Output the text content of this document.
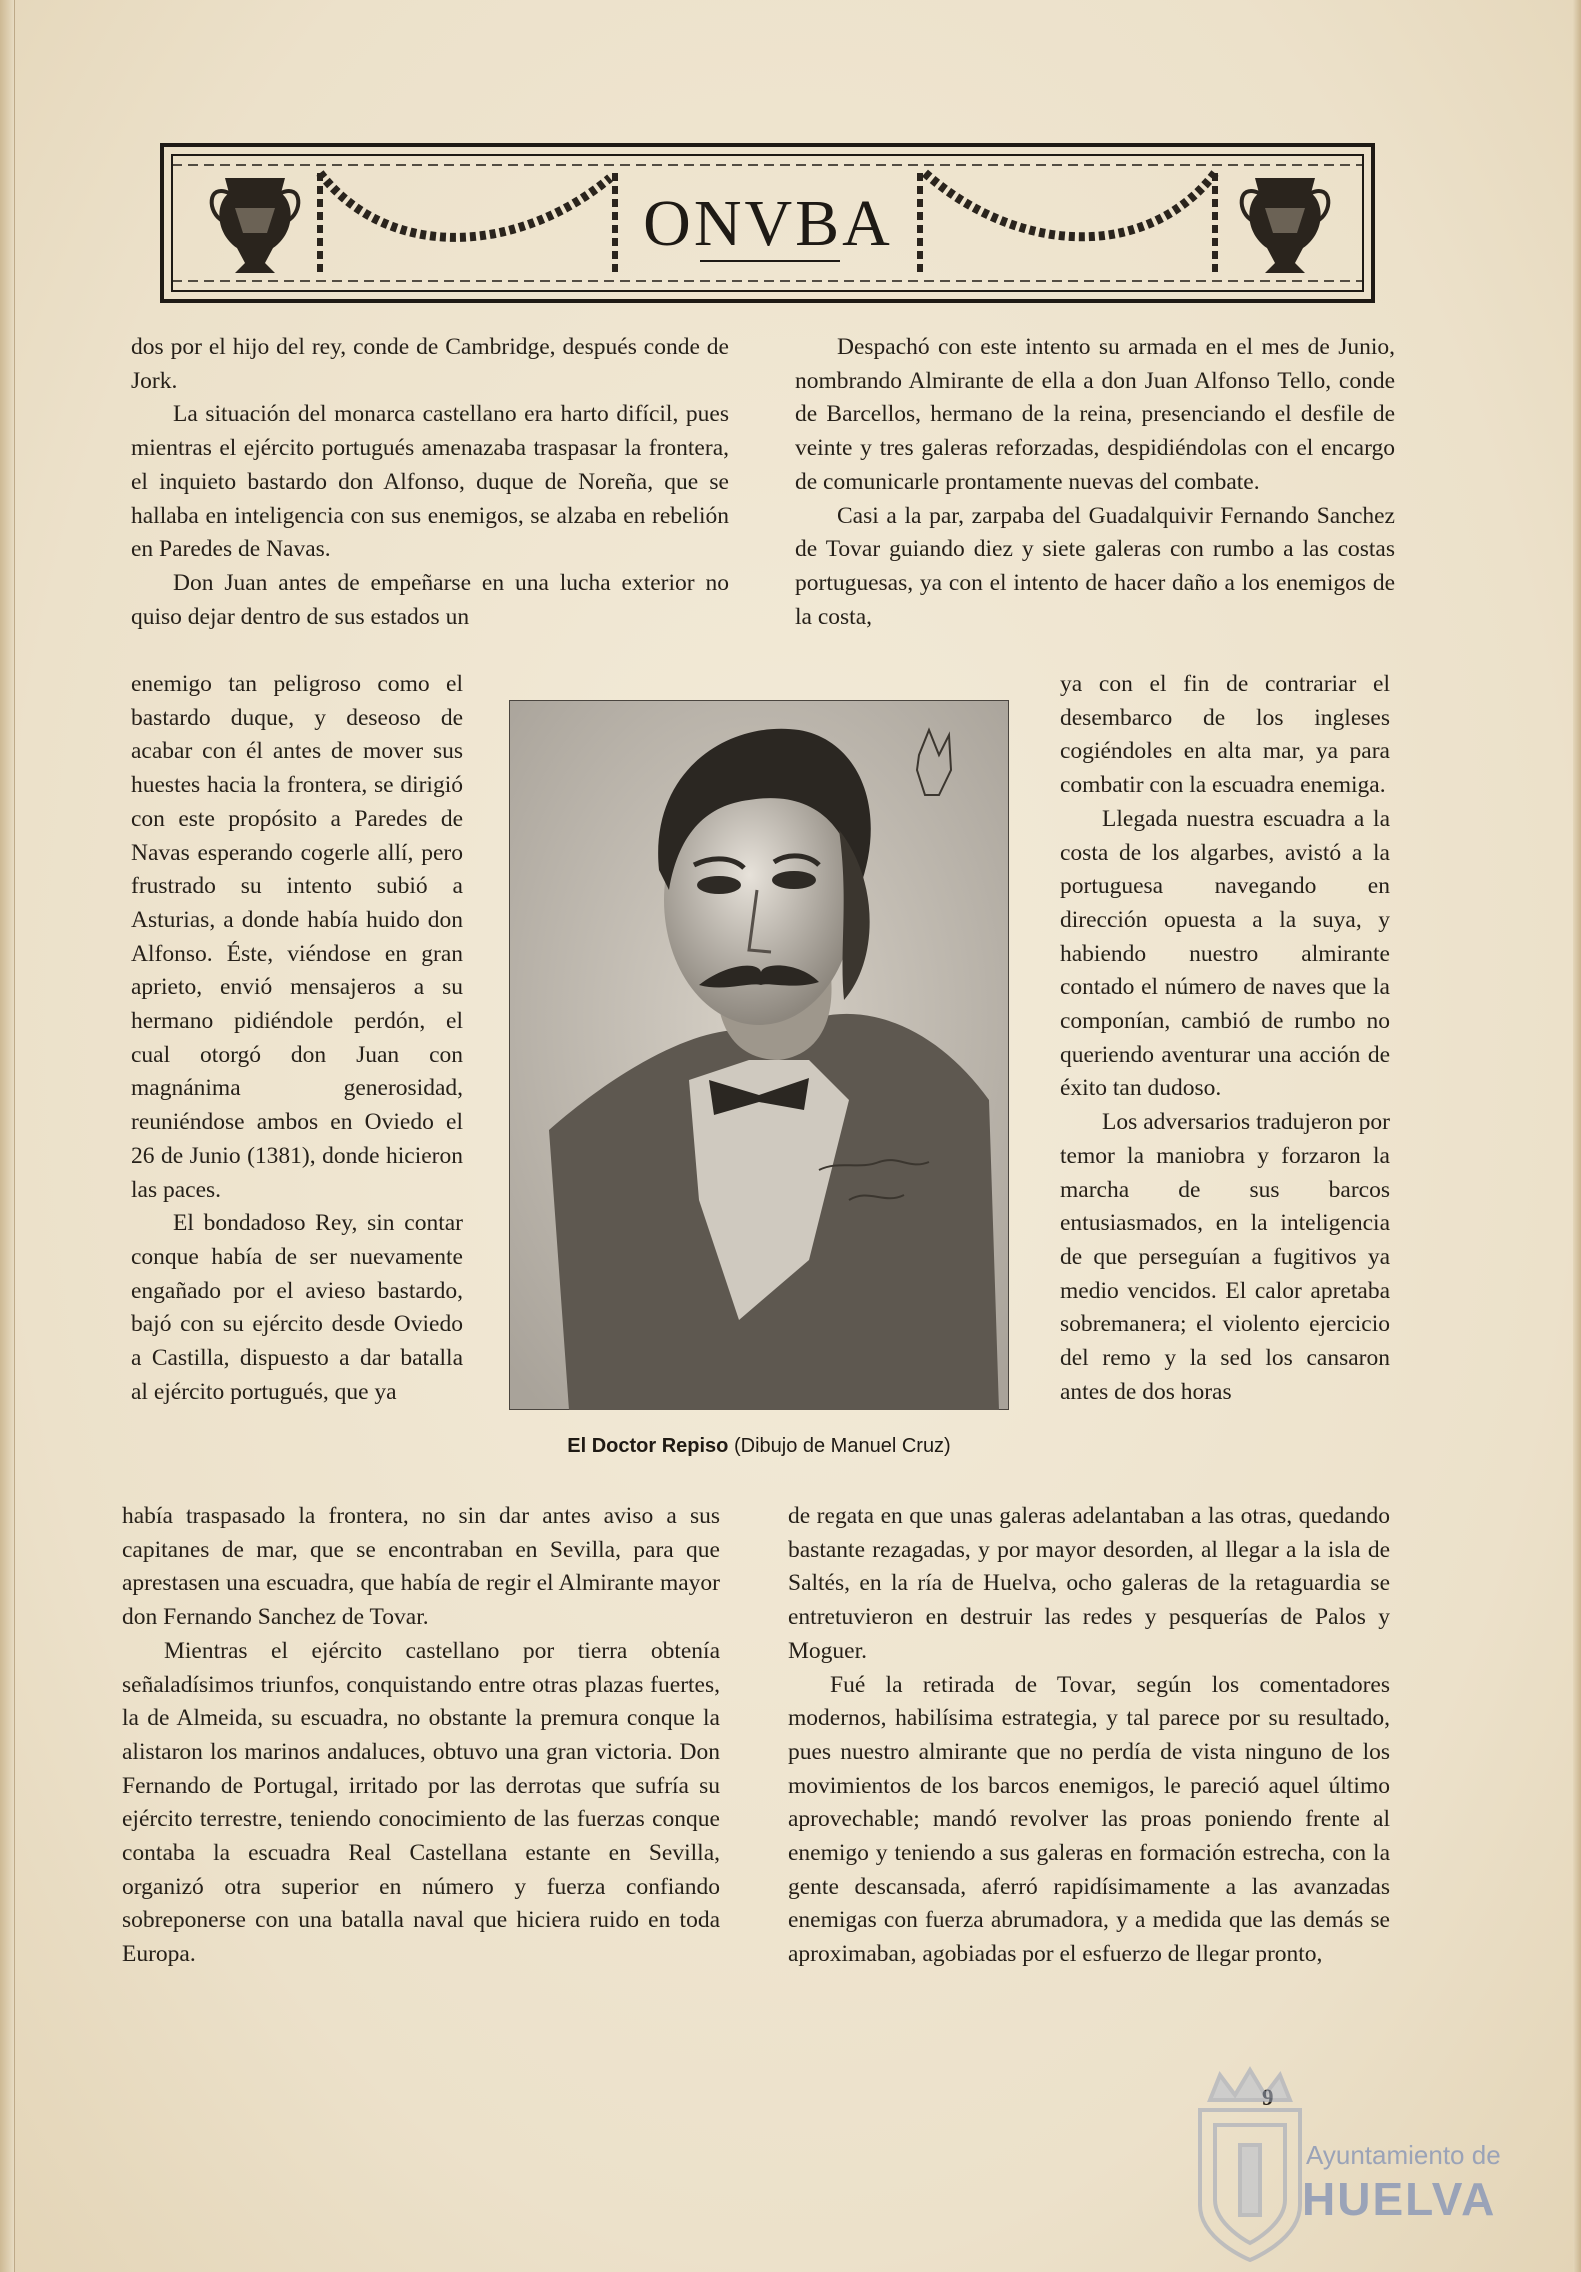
ONVBA

dos por el hijo del rey, conde de Cambridge, después conde de Jork.

La situación del monarca castellano era harto difícil, pues mientras el ejército portugués amenazaba traspasar la frontera, el inquieto bastardo don Alfonso, duque de Noreña, que se hallaba en inteligencia con sus enemigos, se alzaba en rebelión en Paredes de Navas.

Don Juan antes de empeñarse en una lucha exterior no quiso dejar dentro de sus estados un

enemigo tan peligroso como el bastardo duque, y deseoso de acabar con él antes de mover sus huestes hacia la frontera, se dirigió con este propósito a Paredes de Navas esperando cogerle allí, pero frustrado su intento subió a Asturias, a donde había huido don Alfonso. Éste, viéndose en gran aprieto, envió mensajeros a su hermano pidiéndole perdón, el cual otorgó don Juan con magnánima generosidad, reuniéndose ambos en Oviedo el 26 de Junio (1381), donde hicieron las paces.

El bondadoso Rey, sin contar conque había de ser nuevamente engañado por el avieso bastardo, bajó con su ejército desde Oviedo a Castilla, dispuesto a dar batalla al ejército portugués, que ya

había traspasado la frontera, no sin dar antes aviso a sus capitanes de mar, que se encontraban en Sevilla, para que aprestasen una escuadra, que había de regir el Almirante mayor don Fernando Sanchez de Tovar.

Mientras el ejército castellano por tierra obtenía señaladísimos triunfos, conquistando entre otras plazas fuertes, la de Almeida, su escuadra, no obstante la premura conque la alistaron los marinos andaluces, obtuvo una gran victoria. Don Fernando de Portugal, irritado por las derrotas que sufría su ejército terrestre, teniendo conocimiento de las fuerzas conque contaba la escuadra Real Castellana estante en Sevilla, organizó otra superior en número y fuerza confiando sobreponerse con una batalla naval que hiciera ruido en toda Europa.

Despachó con este intento su armada en el mes de Junio, nombrando Almirante de ella a don Juan Alfonso Tello, conde de Barcellos, hermano de la reina, presenciando el desfile de veinte y tres galeras reforzadas, despidiéndolas con el encargo de comunicarle prontamente nuevas del combate.

Casi a la par, zarpaba del Guadalquivir Fernando Sanchez de Tovar guiando diez y siete galeras con rumbo a las costas portuguesas, ya con el intento de hacer daño a los enemigos de la costa,

ya con el fin de contrariar el desembarco de los ingleses cogiéndoles en alta mar, ya para combatir con la escuadra enemiga.

Llegada nuestra escuadra a la costa de los algarbes, avistó a la portuguesa navegando en dirección opuesta a la suya, y habiendo nuestro almirante contado el número de naves que la componían, cambió de rumbo no queriendo aventurar una acción de éxito tan dudoso.

Los adversarios tradujeron por temor la maniobra y forzaron la marcha de sus barcos entusiasmados, en la inteligencia de que perseguían a fugitivos ya medio vencidos. El calor apretaba sobremanera; el violento ejercicio del remo y la sed los cansaron antes de dos horas

de regata en que unas galeras adelantaban a las otras, quedando bastante rezagadas, y por mayor desorden, al llegar a la isla de Saltés, en la ría de Huelva, ocho galeras de la retaguardia se entretuvieron en destruir las redes y pesquerías de Palos y Moguer.

Fué la retirada de Tovar, según los comentadores modernos, habilísima estrategia, y tal parece por su resultado, pues nuestro almirante que no perdía de vista ninguno de los movimientos de los barcos enemigos, le pareció aquel último aprovechable; mandó revolver las proas poniendo frente al enemigo y teniendo a sus galeras en formación estrecha, con la gente descansada, aferró rapidísimamente a las avanzadas enemigas con fuerza abrumadora, y a medida que las demás se aproximaban, agobiadas por el esfuerzo de llegar pronto,

El Doctor Repiso (Dibujo de Manuel Cruz)
Ayuntamiento de
HUELVA
